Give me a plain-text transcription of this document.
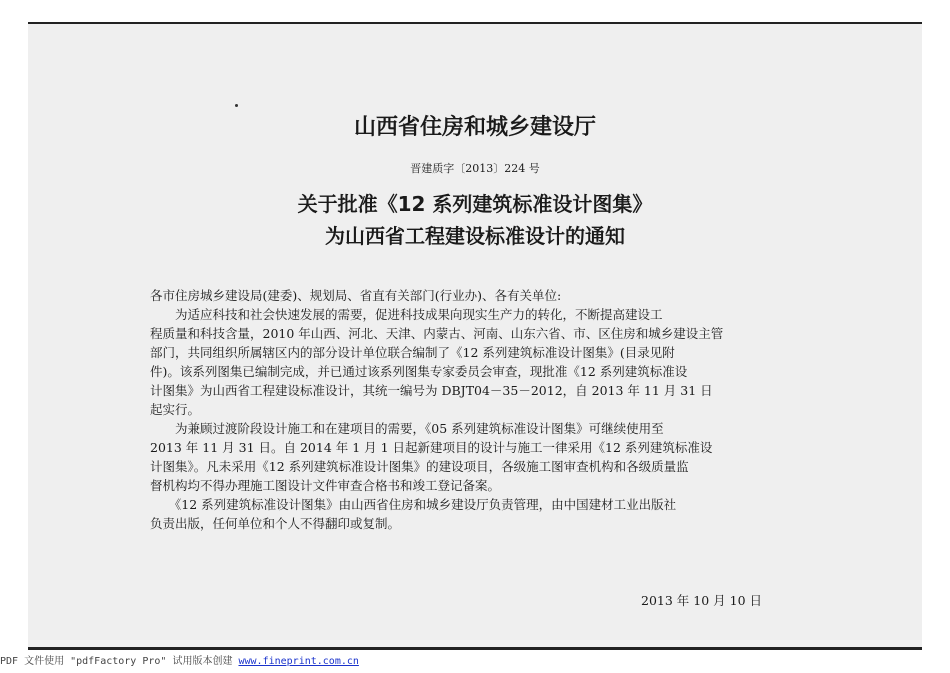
山西省住房和城乡建设厅
晋建质字〔2013〕224 号
关于批准《12 系列建筑标准设计图集》
为山西省工程建设标准设计的通知

各市住房城乡建设局(建委)、规划局、省直有关部门(行业办)、各有关单位:

　　为适应科技和社会快速发展的需要，促进科技成果向现实生产力的转化，不断提高建设工
程质量和科技含量，2010 年山西、河北、天津、内蒙古、河南、山东六省、市、区住房和城乡建设主管
部门，共同组织所属辖区内的部分设计单位联合编制了《12 系列建筑标准设计图集》(目录见附
件)。该系列图集已编制完成，并已通过该系列图集专家委员会审查，现批准《12 系列建筑标准设
计图集》为山西省工程建设标准设计，其统一编号为 DBJT04－35－2012，自 2013 年 11 月 31 日
起实行。

　　为兼顾过渡阶段设计施工和在建项目的需要，《05 系列建筑标准设计图集》可继续使用至
2013 年 11 月 31 日。自 2014 年 1 月 1 日起新建项目的设计与施工一律采用《12 系列建筑标准设
计图集》。凡未采用《12 系列建筑标准设计图集》的建设项目，各级施工图审查机构和各级质量监
督机构均不得办理施工图设计文件审查合格书和竣工登记备案。

　　《12 系列建筑标准设计图集》由山西省住房和城乡建设厅负责管理，由中国建材工业出版社
负责出版，任何单位和个人不得翻印或复制。

2013 年 10 月 10 日
PDF 文件使用 "pdfFactory Pro" 试用版本创建 www.fineprint.com.cn
